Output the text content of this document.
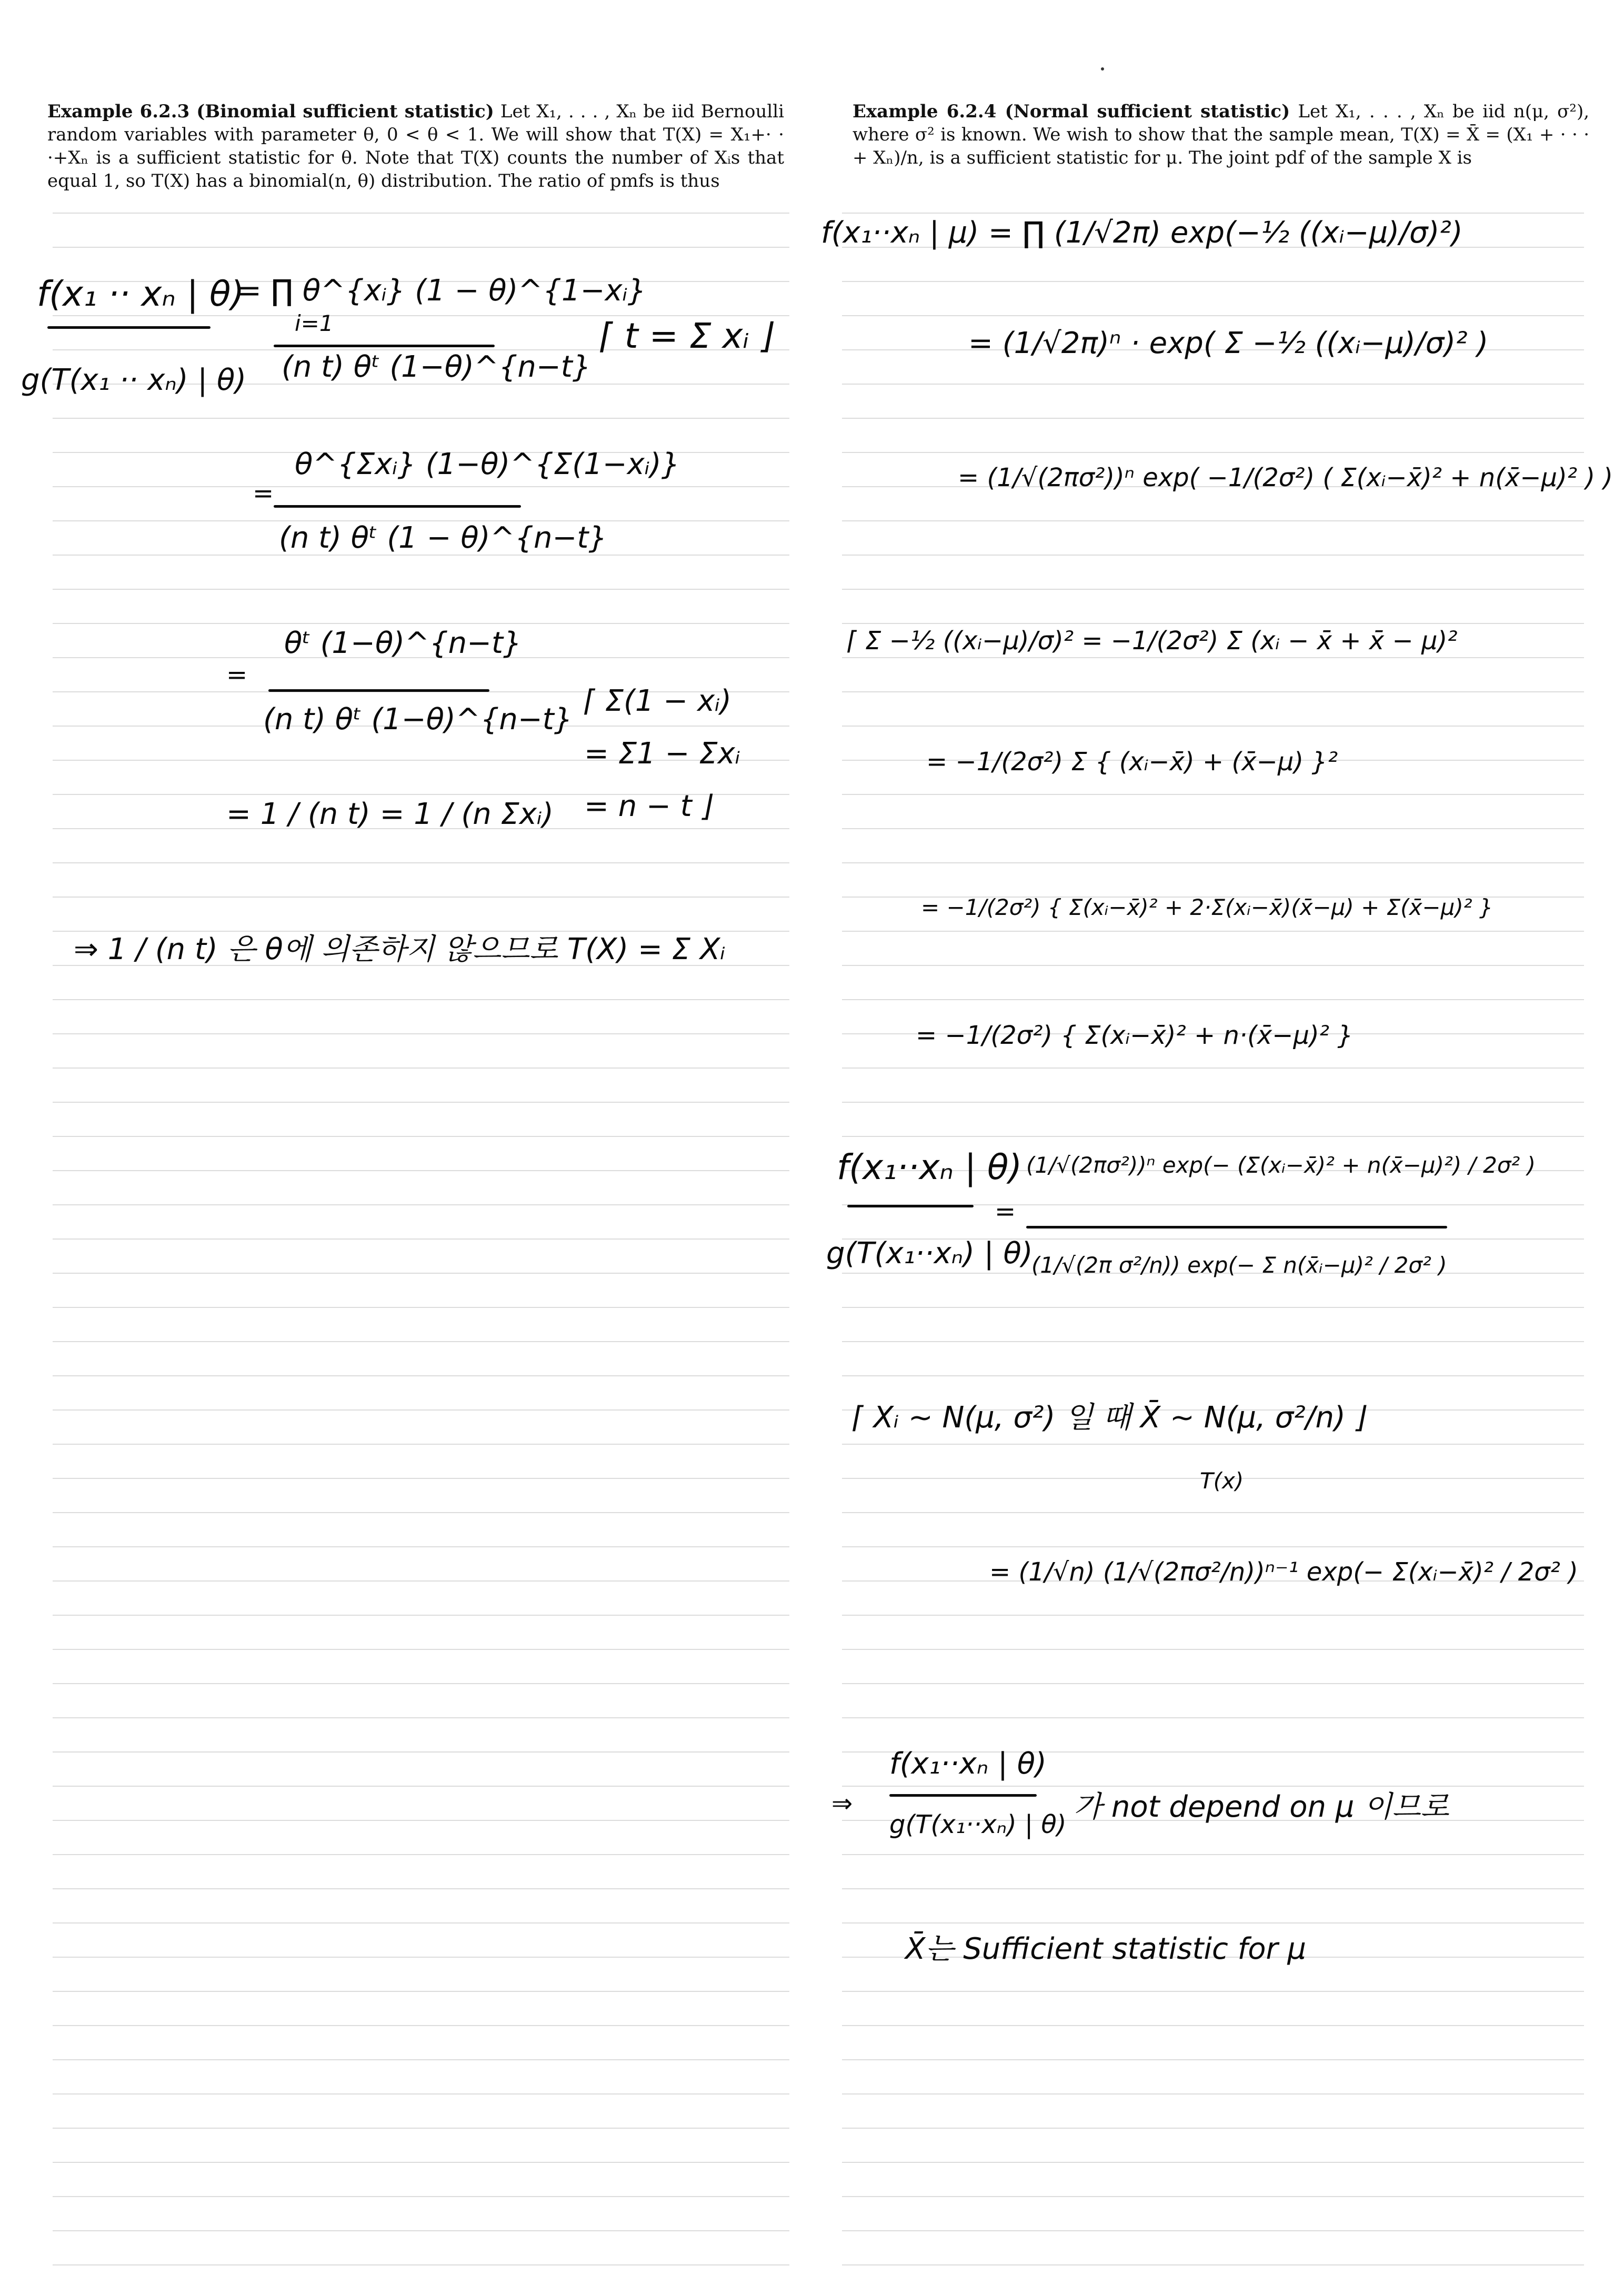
Example 6.2.3 (Binomial sufficient statistic) Let X₁, . . . , Xₙ be iid Bernoulli random variables with parameter θ, 0 < θ < 1. We will show that T(X) = X₁+· · ·+Xₙ is a sufficient statistic for θ. Note that T(X) counts the number of Xᵢs that equal 1, so T(X) has a binomial(n, θ) distribution. The ratio of pmfs is thus
Example 6.2.4 (Normal sufficient statistic) Let X₁, . . . , Xₙ be iid n(μ, σ²), where σ² is known. We wish to show that the sample mean, T(X) = X̄ = (X₁ + · · · + Xₙ)/n, is a sufficient statistic for μ. The joint pdf of the sample X is
f(x₁ ·· xₙ | θ)
g(T(x₁ ·· xₙ) | θ)
= ∏ θ^{xᵢ} (1 − θ)^{1−xᵢ}
i=1
(n t) θᵗ (1−θ)^{n−t}
⌈ t = Σ xᵢ ⌋
θ^{Σxᵢ} (1−θ)^{Σ(1−xᵢ)}
=
(n t) θᵗ (1 − θ)^{n−t}
θᵗ (1−θ)^{n−t}
=
(n t) θᵗ (1−θ)^{n−t}
⌈ Σ(1 − xᵢ)
= Σ1 − Σxᵢ
= n − t ⌋
= 1 / (n t) = 1 / (n Σxᵢ)
⇒ 1 / (n t) 은 θ에 의존하지 않으므로 T(X) = Σ Xᵢ
f(x₁··xₙ | μ) = ∏ (1/√2π) exp(−½ ((xᵢ−μ)/σ)²)
= (1/√2π)ⁿ · exp( Σ −½ ((xᵢ−μ)/σ)² )
= (1/√(2πσ²))ⁿ exp( −1/(2σ²) ( Σ(xᵢ−x̄)² + n(x̄−μ)² ) )
⌈ Σ −½ ((xᵢ−μ)/σ)² = −1/(2σ²) Σ (xᵢ − x̄ + x̄ − μ)²
= −1/(2σ²) Σ { (xᵢ−x̄) + (x̄−μ) }²
= −1/(2σ²) { Σ(xᵢ−x̄)² + 2·Σ(xᵢ−x̄)(x̄−μ) + Σ(x̄−μ)² }
= −1/(2σ²) { Σ(xᵢ−x̄)² + n·(x̄−μ)² }
f(x₁··xₙ | θ)
g(T(x₁··xₙ) | θ)
=
(1/√(2πσ²))ⁿ exp(− (Σ(xᵢ−x̄)² + n(x̄−μ)²) / 2σ² )
(1/√(2π σ²/n)) exp(− Σ n(x̄ᵢ−μ)² / 2σ² )
⌈ Xᵢ ~ N(μ, σ²) 일 때 X̄ ~ N(μ, σ²/n) ⌋
T(x)
= (1/√n) (1/√(2πσ²/n))ⁿ⁻¹ exp(− Σ(xᵢ−x̄)² / 2σ² )
f(x₁··xₙ | θ)
⇒
g(T(x₁··xₙ) | θ)
가 not depend on μ 이므로
X̄는 Sufficient statistic for μ
